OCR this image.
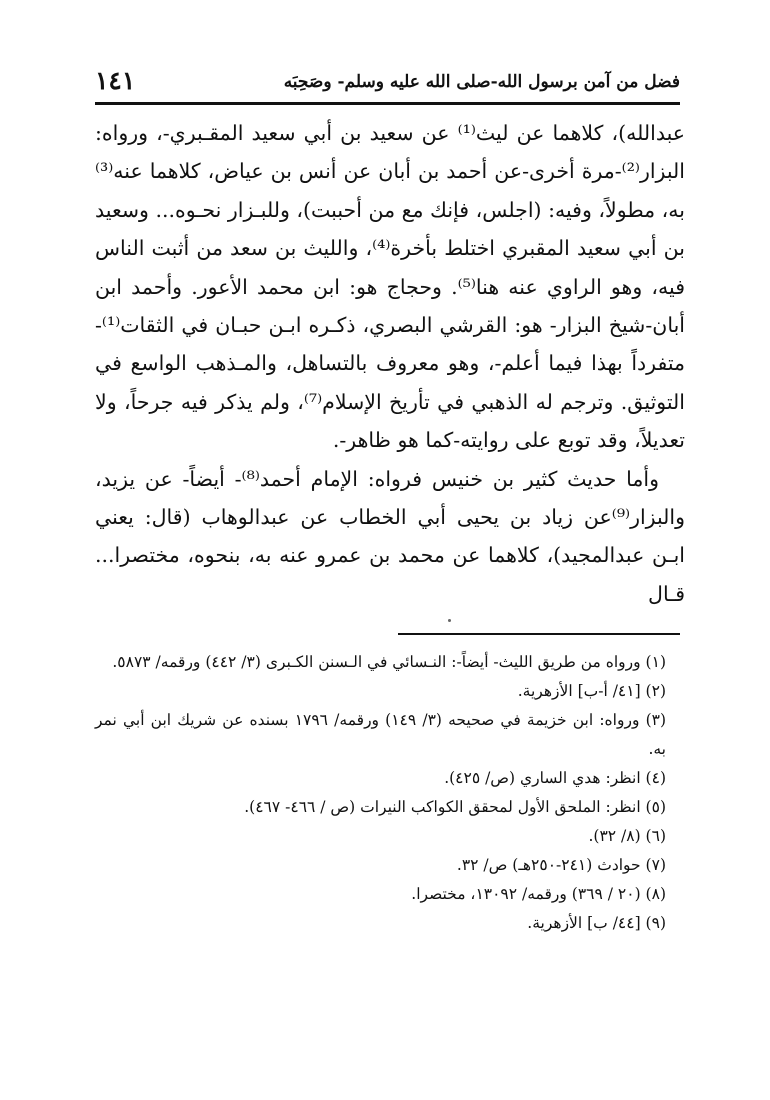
فضل من آمن برسول الله-صلى الله عليه وسلم- وصَحِبَه
١٤١

عبدالله)، كلاهما عن ليث⁽¹⁾ عن سعيد بن أبي سعيد المقـبري-، ورواه: البزار⁽²⁾-مرة أخرى-عن أحمد بن أبان عن أنس بن عياض، كلاهما عنه⁽³⁾ به، مطولاً، وفيه: (اجلس، فإنك مع من أحببت)، وللبـزار نحـوه... وسعيد بن أبي سعيد المقبري اختلط بأخرة⁽⁴⁾، والليث بن سعد من أثبت الناس فيه، وهو الراوي عنه هنا⁽⁵⁾. وحجاج هو: ابن محمد الأعور. وأحمد ابن أبان-شيخ البزار- هو: القرشي البصري، ذكـره ابـن حبـان في الثقات⁽¹⁾- متفرداً بهذا فيما أعلم-، وهو معروف بالتساهل، والمـذهب الواسع في التوثيق. وترجم له الذهبي في تأريخ الإسلام⁽⁷⁾، ولم يذكر فيه جرحاً، ولا تعديلاً، وقد توبع على روايته-كما هو ظاهر-.

وأما حديث كثير بن خنيس فرواه: الإمام أحمد⁽⁸⁾- أيضاً- عن يزيد، والبزار⁽⁹⁾عن زياد بن يحيى أبي الخطاب عن عبدالوهاب (قال: يعني ابـن عبدالمجيد)، كلاهما عن محمد بن عمرو عنه به، بنحوه، مختصرا... قـال

(١) ورواه من طريق الليث- أيضاً-: النـسائي في الـسنن الكـبرى (٣/ ٤٤٢) ورقمه/ ٥٨٧٣.

(٢) [٤١/ أ-ب] الأزهرية.

(٣) ورواه: ابن خزيمة في صحيحه (٣/ ١٤٩) ورقمه/ ١٧٩٦ بسنده عن شريك ابن أبي نمر به.

(٤) انظر: هدي الساري (ص/ ٤٢٥).

(٥) انظر: الملحق الأول لمحقق الكواكب النيرات (ص / ٤٦٦- ٤٦٧).

(٦) (٨/ ٣٢).

(٧) حوادث (٢٤١-٢٥٠هـ) ص/ ٣٢.

(٨) (٢٠ / ٣٦٩) ورقمه/ ١٣٠٩٢، مختصرا.

(٩) [٤٤/ ب] الأزهرية.
